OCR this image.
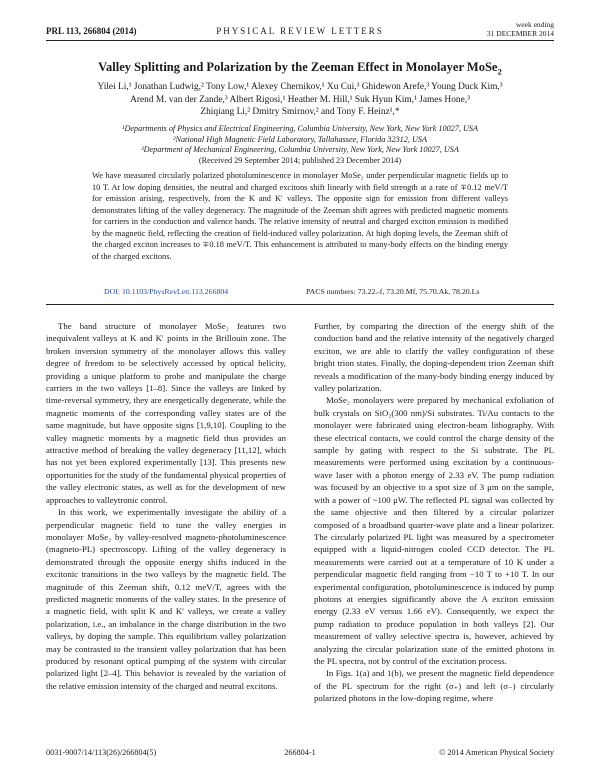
PRL 113, 266804 (2014)	PHYSICAL REVIEW LETTERS
week ending
31 DECEMBER 2014
Valley Splitting and Polarization by the Zeeman Effect in Monolayer MoSe$_2$
Yilei Li,¹ Jonathan Ludwig,² Tony Low,¹ Alexey Chernikov,¹ Xu Cui,³ Ghidewon Arefe,³ Young Duck Kim,³
Arend M. van der Zande,³ Albert Rigosi,¹ Heather M. Hill,¹ Suk Hyun Kim,¹ James Hone,³
Zhiqiang Li,² Dmitry Smirnov,² and Tony F. Heinz¹,*
¹Departments of Physics and Electrical Engineering, Columbia University, New York, New York 10027, USA
²National High Magnetic Field Laboratory, Tallahassee, Florida 32312, USA
³Department of Mechanical Engineering, Columbia University, New York, New York 10027, USA
(Received 29 September 2014; published 23 December 2014)
We have measured circularly polarized photoluminescence in monolayer MoSe₂ under perpendicular magnetic fields up to 10 T. At low doping densities, the neutral and charged excitons shift linearly with field strength at a rate of ∓0.12 meV/T for emission arising, respectively, from the K and K′ valleys. The opposite sign for emission from different valleys demonstrates lifting of the valley degeneracy. The magnitude of the Zeeman shift agrees with predicted magnetic moments for carriers in the conduction and valence bands. The relative intensity of neutral and charged exciton emission is modified by the magnetic field, reflecting the creation of field-induced valley polarization. At high doping levels, the Zeeman shift of the charged exciton increases to ∓0.18 meV/T. This enhancement is attributed to many-body effects on the binding energy of the charged excitons.
DOI: 10.1103/PhysRevLett.113.266804	PACS numbers: 73.22.-f, 73.20.Mf, 75.70.Ak, 78.20.Ls

The band structure of monolayer MoSe₂ features two inequivalent valleys at K and K′ points in the Brillouin zone. The broken inversion symmetry of the monolayer allows this valley degree of freedom to be selectively accessed by optical helicity, providing a unique platform to probe and manipulate the charge carriers in the two valleys [1–8]. Since the valleys are linked by time-reversal symmetry, they are energetically degenerate, while the magnetic moments of the corresponding valley states are of the same magnitude, but have opposite signs [1,9,10]. Coupling to the valley magnetic moments by a magnetic field thus provides an attractive method of breaking the valley degeneracy [11,12], which has not yet been explored experimentally [13]. This presents new opportunities for the study of the fundamental physical properties of the valley electronic states, as well as for the development of new approaches to valleytronic control.

In this work, we experimentally investigate the ability of a perpendicular magnetic field to tune the valley energies in monolayer MoSe₂ by valley-resolved magneto-photoluminescence (magneto-PL) spectroscopy. Lifting of the valley degeneracy is demonstrated through the opposite energy shifts induced in the excitonic transitions in the two valleys by the magnetic field. The magnitude of this Zeeman shift, 0.12 meV/T, agrees with the predicted magnetic moments of the valley states. In the presence of a magnetic field, with split K and K′ valleys, we create a valley polarization, i.e., an imbalance in the charge distribution in the two valleys, by doping the sample. This equilibrium valley polarization may be contrasted to the transient valley polarization that has been produced by resonant optical pumping of the system with circular polarized light [2–4]. This behavior is revealed by the variation of the relative emission intensity of the charged and neutral excitons.

Further, by comparing the direction of the energy shift of the conduction band and the relative intensity of the negatively charged exciton, we are able to clarify the valley configuration of these bright trion states. Finally, the doping-dependent trion Zeeman shift reveals a modification of the many-body binding energy induced by valley polarization.

MoSe₂ monolayers were prepared by mechanical exfoliation of bulk crystals on SiO₂(300 nm)/Si substrates. Ti/Au contacts to the monolayer were fabricated using electron-beam lithography. With these electrical contacts, we could control the charge density of the sample by gating with respect to the Si substrate. The PL measurements were performed using excitation by a continuous-wave laser with a photon energy of 2.33 eV. The pump radiation was focused by an objective to a spot size of 3 μm on the sample, with a power of ~100 μW. The reflected PL signal was collected by the same objective and then filtered by a circular polarizer composed of a broadband quarter-wave plate and a linear polarizer. The circularly polarized PL light was measured by a spectrometer equipped with a liquid-nitrogen cooled CCD detector. The PL measurements were carried out at a temperature of 10 K under a perpendicular magnetic field ranging from −10 T to +10 T. In our experimental configuration, photoluminescence is induced by pump photons at energies significantly above the A exciton emission energy (2.33 eV versus 1.66 eV). Consequently, we expect the pump radiation to produce population in both valleys [2]. Our measurement of valley selective spectra is, however, achieved by analyzing the circular polarization state of the emitted photons in the PL spectra, not by control of the excitation process.

In Figs. 1(a) and 1(b), we present the magnetic field dependence of the PL spectrum for the right (σ₊) and left (σ₋) circularly polarized photons in the low-doping regime, where

0031-9007/14/113(26)/266804(5)	266804-1	© 2014 American Physical Society
